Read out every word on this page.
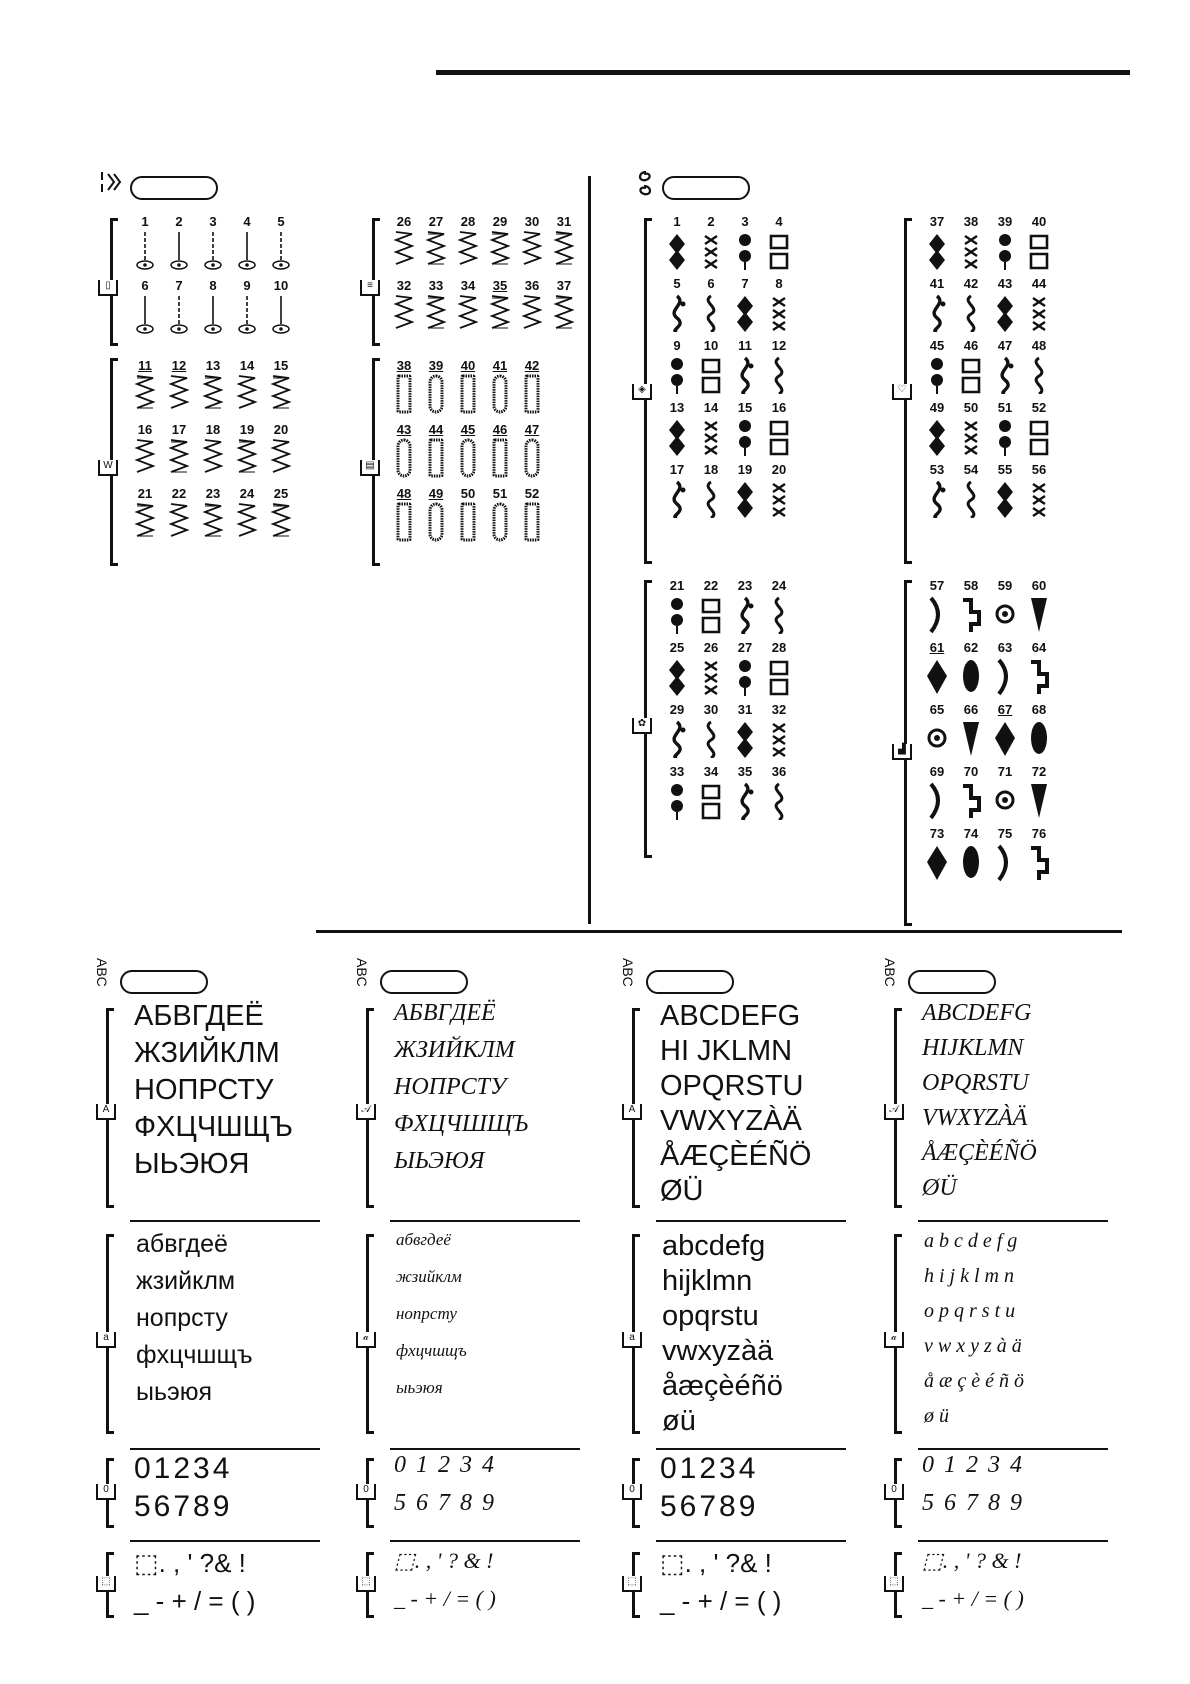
▯
1	2	3	4	5
6	7	8	9	10
W
11	12	13	14	15
16	17	18	19	20
21	22	23	24	25
≡
26	27	28	29	30	31
32	33	34	35	36	37
▤
38	39	40	41	42
43	44	45	46	47
48	49	50	51	52
◈
1	2	3	4
5	6	7	8
9	10	11	12
13	14	15	16
17	18	19	20
✿
21	22	23	24
25	26	27	28
29	30	31	32
33	34	35	36
♡
37	38	39	40
41	42	43	44
45	46	47	48
49	50	51	52
53	54	55	56
▟
57	58	59	60
61	62	63	64
65	66	67	68
69	70	71	72
73	74	75	76
ABC
A
АБВГДЕЁ
ЖЗИЙКЛМ
НОПРСТУ
ФХЦЧШЩЪ
ЫЬЭЮЯ
a
абвгдеё
жзийклм
нопрсту
фхцчшщъ
ыьэюя
0
01234
56789
⬚
⬚. , ' ?& !
_ - + / = ( )
ABC
𝒜
АБВГДЕЁ
ЖЗИЙКЛМ
НОПРСТУ
ФХЦЧШЩЪ
ЫЬЭЮЯ
𝒶
абвгдеё
жзийклм
нопрсту
фхцчшщъ
ыьэюя
0
0 1 2 3 4
5 6 7 8 9
⬚
⬚. , ' ? & !
_ - + / = ( )
ABC
A
ABCDEFG
HI JKLMN
OPQRSTU
VWXYZÀÄ
ÅÆÇÈÉÑÖ
ØÜ
a
abcdefg
hijklmn
opqrstu
vwxyzàä
åæçèéñö
øü
0
01234
56789
⬚
⬚. , ' ?& !
_ - + / = ( )
ABC
𝒜
ABCDEFG
HIJKLMN
OPQRSTU
VWXYZÀÄ
ÅÆÇÈÉÑÖ
ØÜ
𝒶
a b c d e f g
h i j k l m n
o p q r s t u
v w x y z à ä
å æ ç è é ñ ö
ø ü
0
0 1 2 3 4
5 6 7 8 9
⬚
⬚. , ' ? & !
_ - + / = ( )
